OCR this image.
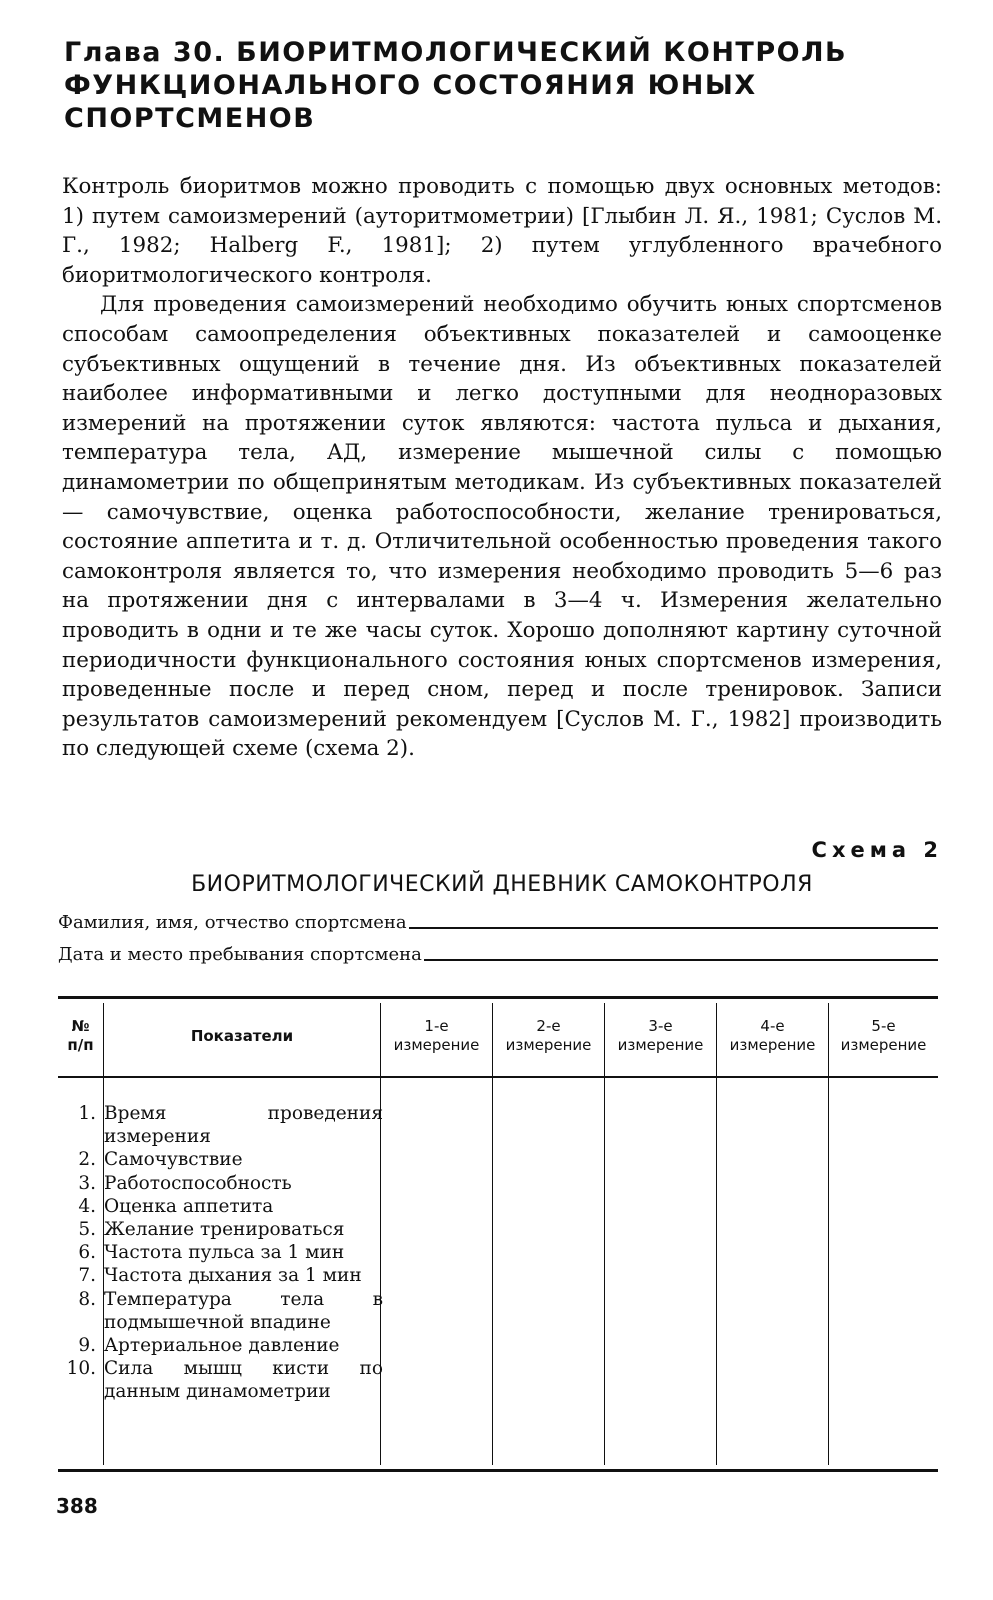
Глава 30. БИОРИТМОЛОГИЧЕСКИЙ КОНТРОЛЬ ФУНКЦИОНАЛЬНОГО СОСТОЯНИЯ ЮНЫХ СПОРТСМЕНОВ

Контроль биоритмов можно проводить с помощью двух основных методов: 1) путем самоизмерений (ауторитмометрии) [Глыбин Л. Я., 1981; Суслов М. Г., 1982; Halberg F., 1981]; 2) путем углубленного врачебного биоритмологического контроля.

Для проведения самоизмерений необходимо обучить юных спортсменов способам самоопределения объективных показателей и самооценке субъективных ощущений в течение дня. Из объективных показателей наиболее информативными и легко доступными для неодноразовых измерений на протяжении суток являются: частота пульса и дыхания, температура тела, АД, измерение мышечной силы с помощью динамометрии по общепринятым методикам. Из субъективных показателей — самочувствие, оценка работоспособности, желание тренироваться, состояние аппетита и т. д. Отличительной особенностью проведения такого самоконтроля является то, что измерения необходимо проводить 5—6 раз на протяжении дня с интервалами в 3—4 ч. Измерения желательно проводить в одни и те же часы суток. Хорошо дополняют картину суточной периодичности функционального состояния юных спортсменов измерения, проведенные после и перед сном, перед и после тренировок. Записи результатов самоизмерений рекомендуем [Суслов М. Г., 1982] производить по следующей схеме (схема 2).

Схема 2
БИОРИТМОЛОГИЧЕСКИЙ ДНЕВНИК САМОКОНТРОЛЯ
Фамилия, имя, отчество спортсмена
Дата и место пребывания спортсмена
№
п/п	Показатели
1-е
измерение
2-е
измерение
3-е
измерение
4-е
измерение
5-е
измерение
1. Время проведения измерения
2. Самочувствие
3. Работоспособность
4. Оценка аппетита
5. Желание тренироваться
6. Частота пульса за 1 мин
7. Частота дыхания за 1 мин
8. Температура тела в подмышечной впадине
9. Артериальное давление
10. Сила мышц кисти по данным динамометрии
388
